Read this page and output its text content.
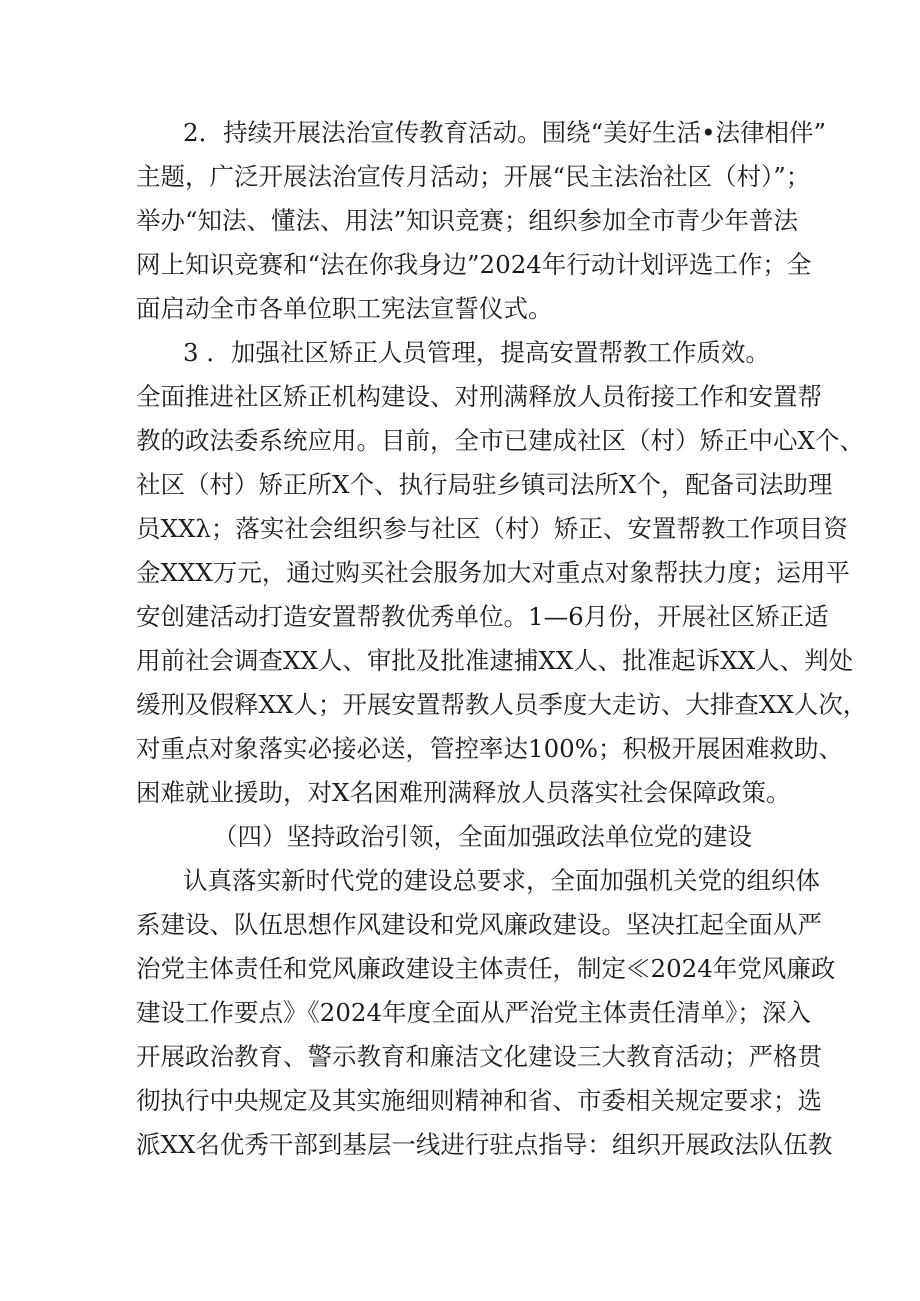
2．持续开展法治宣传教育活动。围绕“美好生活•法律相伴”
主题，广泛开展法治宣传月活动；开展“民主法治社区（村）”；
举办“知法、懂法、用法”知识竞赛；组织参加全市青少年普法
网上知识竞赛和“法在你我身边”2024年行动计划评选工作；全
面启动全市各单位职工宪法宣誓仪式。
3 ．加强社区矫正人员管理，提高安置帮教工作质效。
全面推进社区矫正机构建设、对刑满释放人员衔接工作和安置帮
教的政法委系统应用。目前，全市已建成社区（村）矫正中心X个、
社区（村）矫正所X个、执行局驻乡镇司法所X个，配备司法助理
员XXλ；落实社会组织参与社区（村）矫正、安置帮教工作项目资
金XXX万元，通过购买社会服务加大对重点对象帮扶力度；运用平
安创建活动打造安置帮教优秀单位。1—6月份，开展社区矫正适
用前社会调查XX人、审批及批准逮捕XX人、批准起诉XX人、判处
缓刑及假释XX人；开展安置帮教人员季度大走访、大排查XX人次，
对重点对象落实必接必送，管控率达100%；积极开展困难救助、
困难就业援助，对X名困难刑满释放人员落实社会保障政策。
（四）坚持政治引领，全面加强政法单位党的建设
认真落实新时代党的建设总要求，全面加强机关党的组织体
系建设、队伍思想作风建设和党风廉政建设。坚决扛起全面从严
治党主体责任和党风廉政建设主体责任，制定≪2024年党风廉政
建设工作要点》《2024年度全面从严治党主体责任清单》；深入
开展政治教育、警示教育和廉洁文化建设三大教育活动；严格贯
彻执行中央规定及其实施细则精神和省、市委相关规定要求；选
派XX名优秀干部到基层一线进行驻点指导：组织开展政法队伍教
